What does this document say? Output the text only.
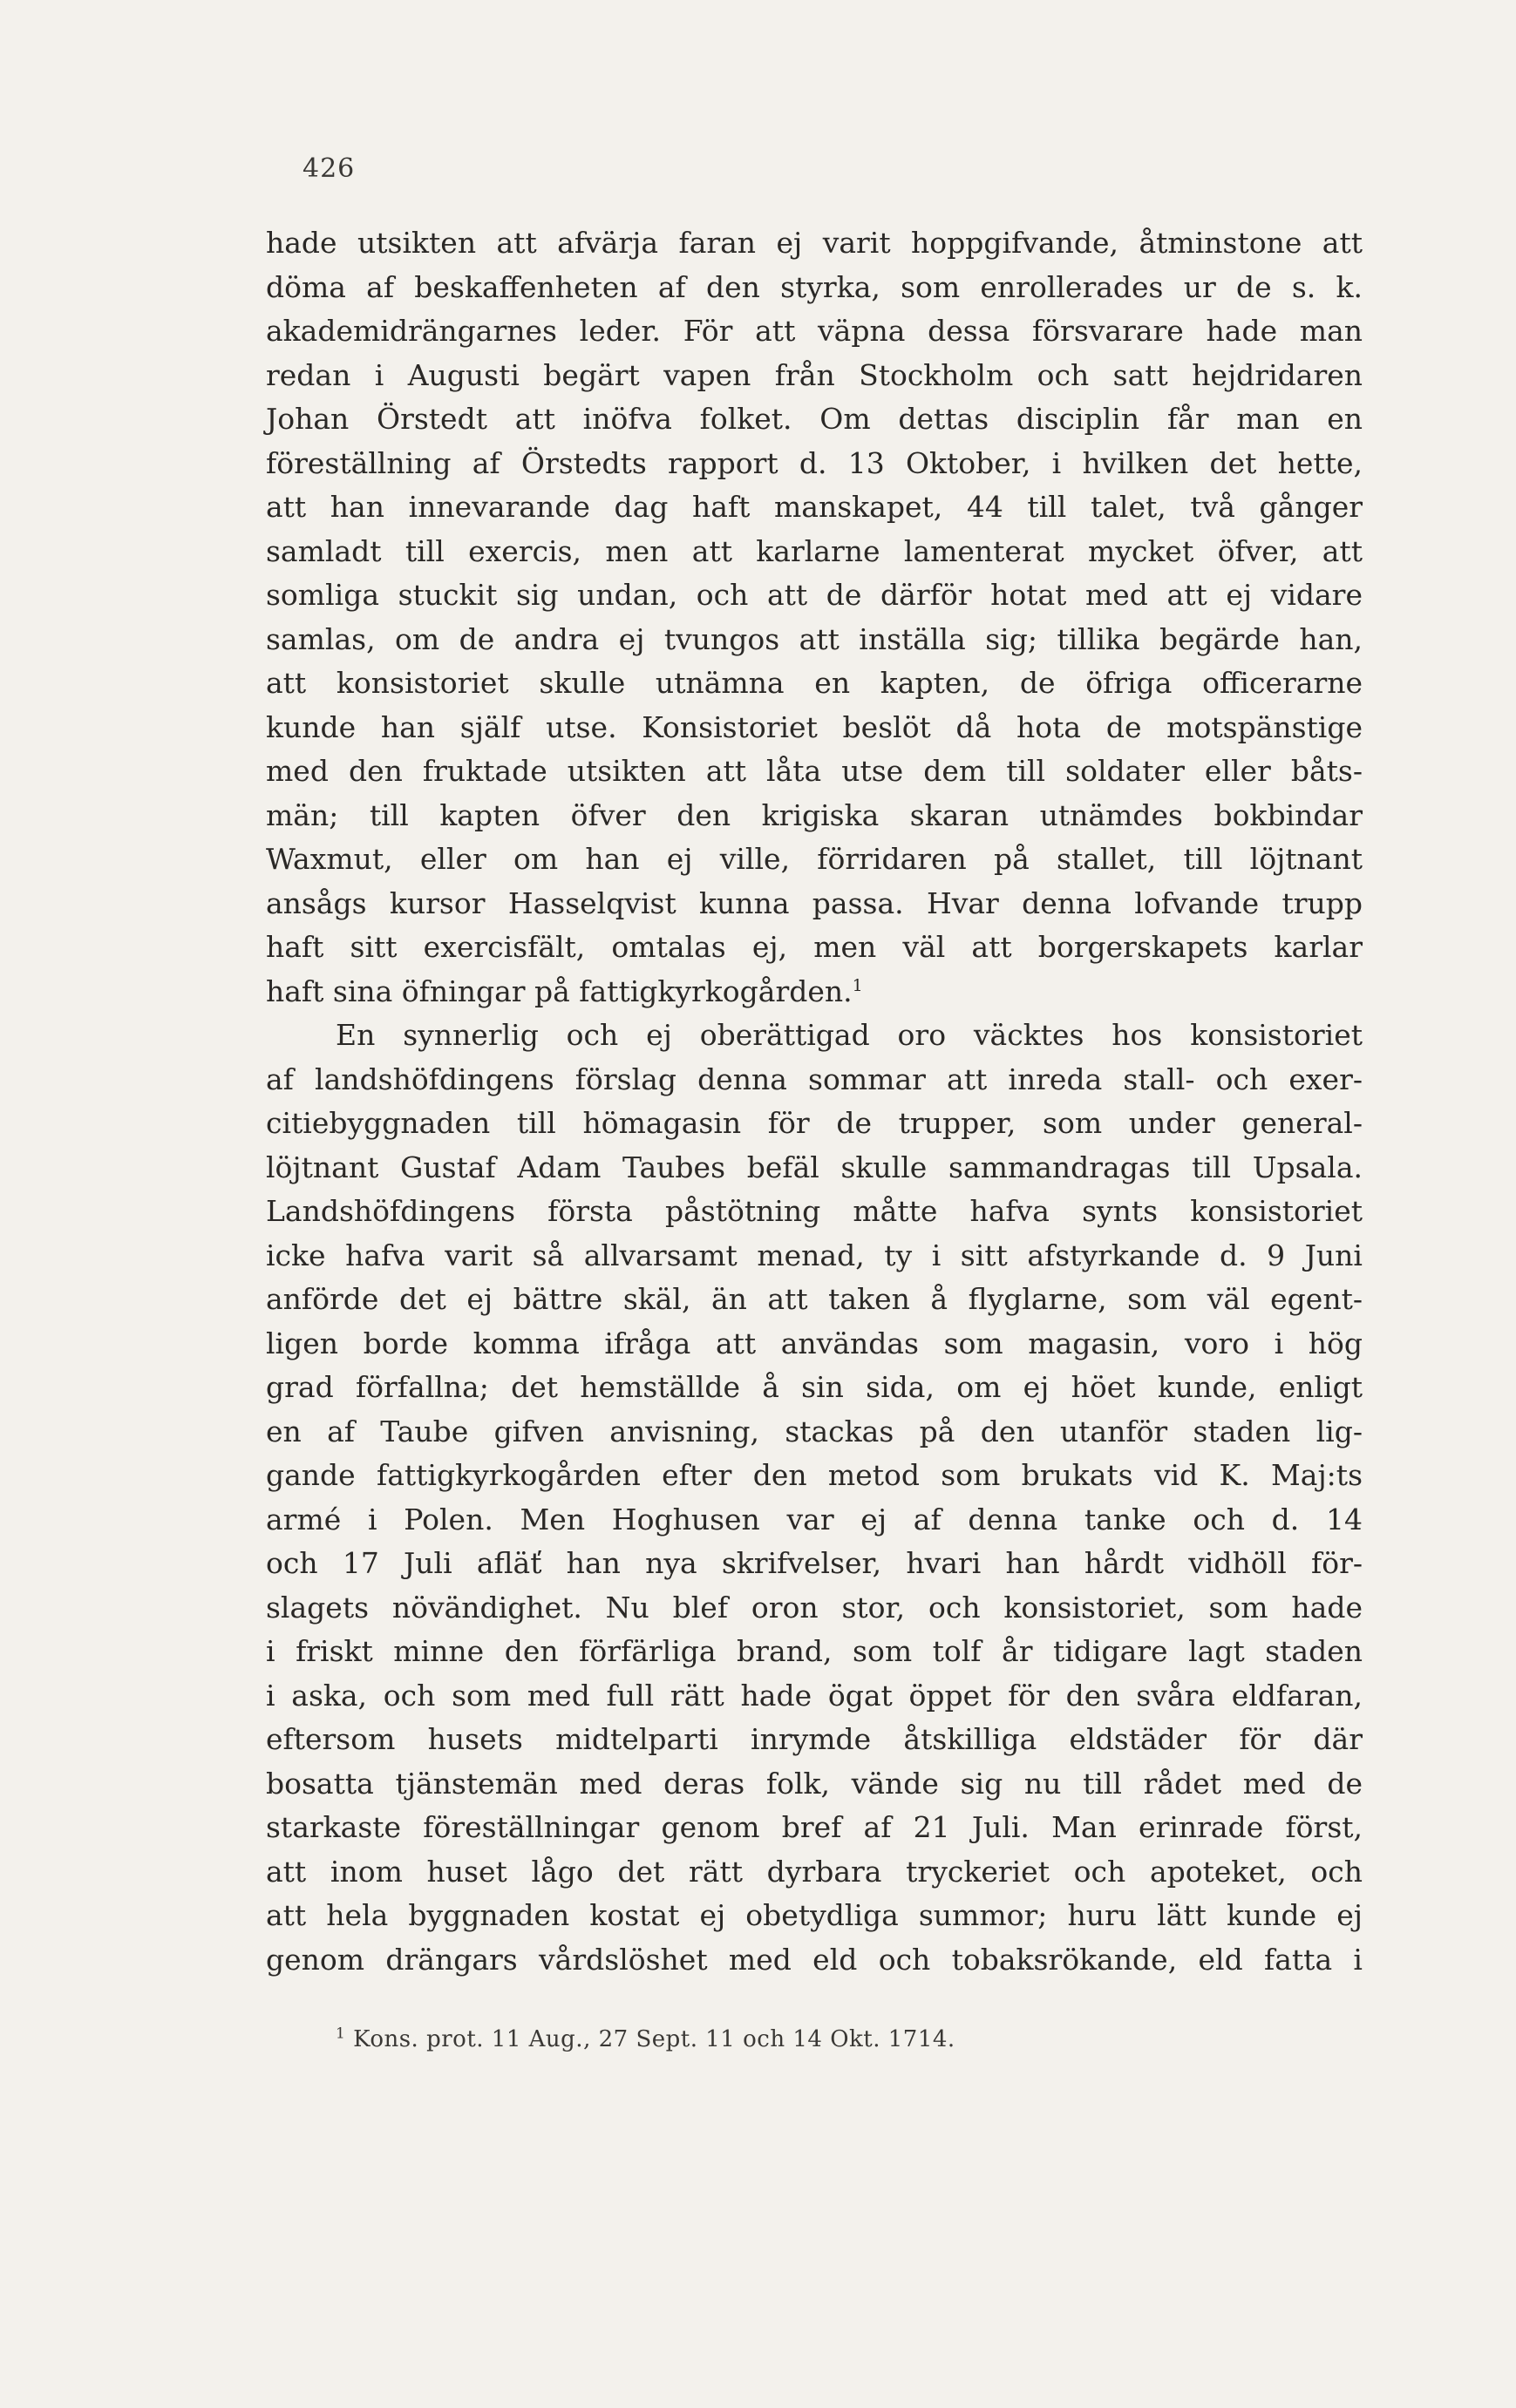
426
hade utsikten att afvärja faran ej varit hoppgifvande, åtminstone att
döma af beskaffenheten af den styrka, som enrollerades ur de s. k.
akademidrängarnes leder. För att väpna dessa försvarare hade man
redan i Augusti begärt vapen från Stockholm och satt hejdridaren
Johan Örstedt att inöfva folket. Om dettas disciplin får man en
föreställning af Örstedts rapport d. 13 Oktober, i hvilken det hette,
att han innevarande dag haft manskapet, 44 till talet, två gånger
samladt till exercis, men att karlarne lamenterat mycket öfver, att
somliga stuckit sig undan, och att de därför hotat med att ej vidare
samlas, om de andra ej tvungos att inställa sig; tillika begärde han,
att konsistoriet skulle utnämna en kapten, de öfriga officerarne
kunde han själf utse. Konsistoriet beslöt då hota de motspänstige
med den fruktade utsikten att låta utse dem till soldater eller båts-
män; till kapten öfver den krigiska skaran utnämdes bokbindar
Waxmut, eller om han ej ville, förridaren på stallet, till löjtnant
ansågs kursor Hasselqvist kunna passa. Hvar denna lofvande trupp
haft sitt exercisfält, omtalas ej, men väl att borgerskapets karlar
haft sina öfningar på fattigkyrkogården.$^1$
En synnerlig och ej oberättigad oro väcktes hos konsistoriet
af landshöfdingens förslag denna sommar att inreda stall- och exer-
citiebyggnaden till hömagasin för de trupper, som under general-
löjtnant Gustaf Adam Taubes befäl skulle sammandragas till Upsala.
Landshöfdingens första påstötning måtte hafva synts konsistoriet
icke hafva varit så allvarsamt menad, ty i sitt afstyrkande d. 9 Juni
anförde det ej bättre skäl, än att taken å flyglarne, som väl egent-
ligen borde komma ifråga att användas som magasin, voro i hög
grad förfallna; det hemställde å sin sida, om ej höet kunde, enligt
en af Taube gifven anvisning, stackas på den utanför staden lig-
gande fattigkyrkogården efter den metod som brukats vid K. Maj:ts
armé i Polen. Men Hoghusen var ej af denna tanke och d. 14
och 17 Juli afläť han nya skrifvelser, hvari han hårdt vidhöll för-
slagets növändighet. Nu blef oron stor, och konsistoriet, som hade
i friskt minne den förfärliga brand, som tolf år tidigare lagt staden
i aska, och som med full rätt hade ögat öppet för den svåra eldfaran,
eftersom husets midtelparti inrymde åtskilliga eldstäder för där
bosatta tjänstemän med deras folk, vände sig nu till rådet med de
starkaste föreställningar genom bref af 21 Juli. Man erinrade först,
att inom huset lågo det rätt dyrbara tryckeriet och apoteket, och
att hela byggnaden kostat ej obetydliga summor; huru lätt kunde ej
genom drängars vårdslöshet med eld och tobaksrökande, eld fatta i
$^1$ Kons. prot. 11 Aug., 27 Sept. 11 och 14 Okt. 1714.
